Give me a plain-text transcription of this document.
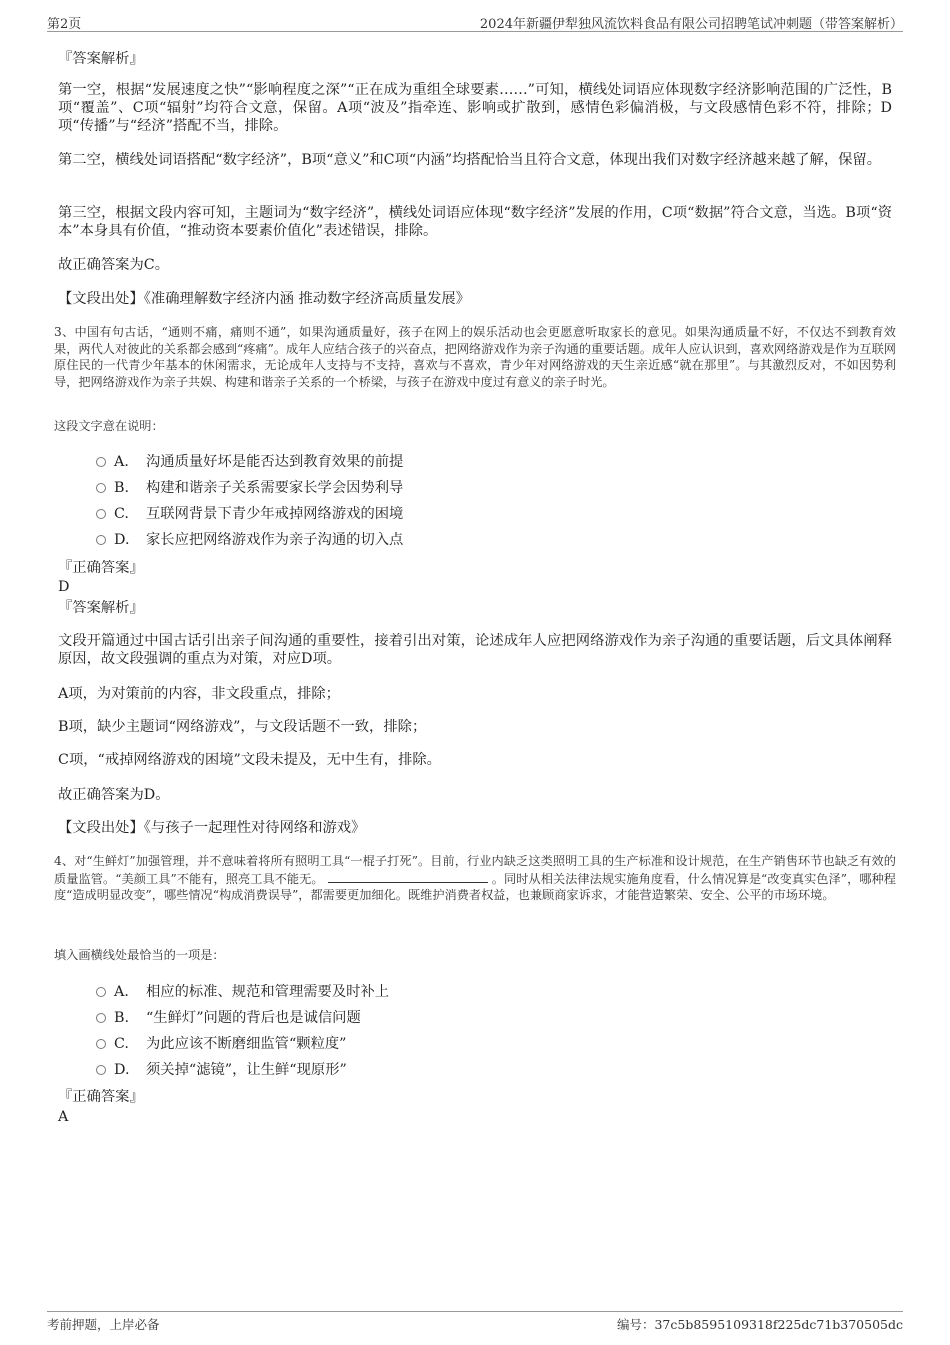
第2页	2024年新疆伊犁独风流饮料食品有限公司招聘笔试冲刺题（带答案解析）

『答案解析』

第一空，根据“发展速度之快”“影响程度之深”“正在成为重组全球要素……”可知，横线处词语应体现数字经济影响范围的广泛性，B项“覆盖”、C项“辐射”均符合文意，保留。A项“波及”指牵连、影响或扩散到，感情色彩偏消极，与文段感情色彩不符，排除；D项“传播”与“经济”搭配不当，排除。

第二空，横线处词语搭配“数字经济”，B项“意义”和C项“内涵”均搭配恰当且符合文意，体现出我们对数字经济越来越了解，保留。

第三空，根据文段内容可知，主题词为“数字经济”，横线处词语应体现“数字经济”发展的作用，C项“数据”符合文意，当选。B项“资本”本身具有价值，“推动资本要素价值化”表述错误，排除。

故正确答案为C。

【文段出处】《准确理解数字经济内涵 推动数字经济高质量发展》

3、中国有句古话，“通则不痛，痛则不通”，如果沟通质量好，孩子在网上的娱乐活动也会更愿意听取家长的意见。如果沟通质量不好，不仅达不到教育效果，两代人对彼此的关系都会感到“疼痛”。成年人应结合孩子的兴奋点，把网络游戏作为亲子沟通的重要话题。成年人应认识到，喜欢网络游戏是作为互联网原住民的一代青少年基本的休闲需求，无论成年人支持与不支持，喜欢与不喜欢，青少年对网络游戏的天生亲近感“就在那里”。与其激烈反对，不如因势利导，把网络游戏作为亲子共娱、构建和谐亲子关系的一个桥梁，与孩子在游戏中度过有意义的亲子时光。

这段文字意在说明：

A． 沟通质量好坏是能否达到教育效果的前提
B. 构建和谐亲子关系需要家长学会因势利导
C. 互联网背景下青少年戒掉网络游戏的困境
D. 家长应把网络游戏作为亲子沟通的切入点

『正确答案』

D

『答案解析』

文段开篇通过中国古话引出亲子间沟通的重要性，接着引出对策，论述成年人应把网络游戏作为亲子沟通的重要话题，后文具体阐释原因，故文段强调的重点为对策，对应D项。

A项，为对策前的内容，非文段重点，排除；

B项，缺少主题词“网络游戏”，与文段话题不一致，排除；

C项，“戒掉网络游戏的困境”文段未提及，无中生有，排除。

故正确答案为D。

【文段出处】《与孩子一起理性对待网络和游戏》

4、对“生鲜灯”加强管理，并不意味着将所有照明工具“一棍子打死”。目前，行业内缺乏这类照明工具的生产标准和设计规范，在生产销售环节也缺乏有效的质量监管。“美颜工具”不能有，照亮工具不能无。	。同时从相关法律法规实施角度看，什么情况算是“改变真实色泽”，哪种程度“造成明显改变”，哪些情况“构成消费误导”，都需要更加细化。既维护消费者权益，也兼顾商家诉求，才能营造繁荣、安全、公平的市场环境。

填入画横线处最恰当的一项是：

A． 相应的标准、规范和管理需要及时补上
B. “生鲜灯”问题的背后也是诚信问题
C. 为此应该不断磨细监管“颗粒度”
D. 须关掉“滤镜”，让生鲜“现原形”

『正确答案』

A

考前押题，上岸必备	编号：37c5b8595109318f225dc71b370505dc
